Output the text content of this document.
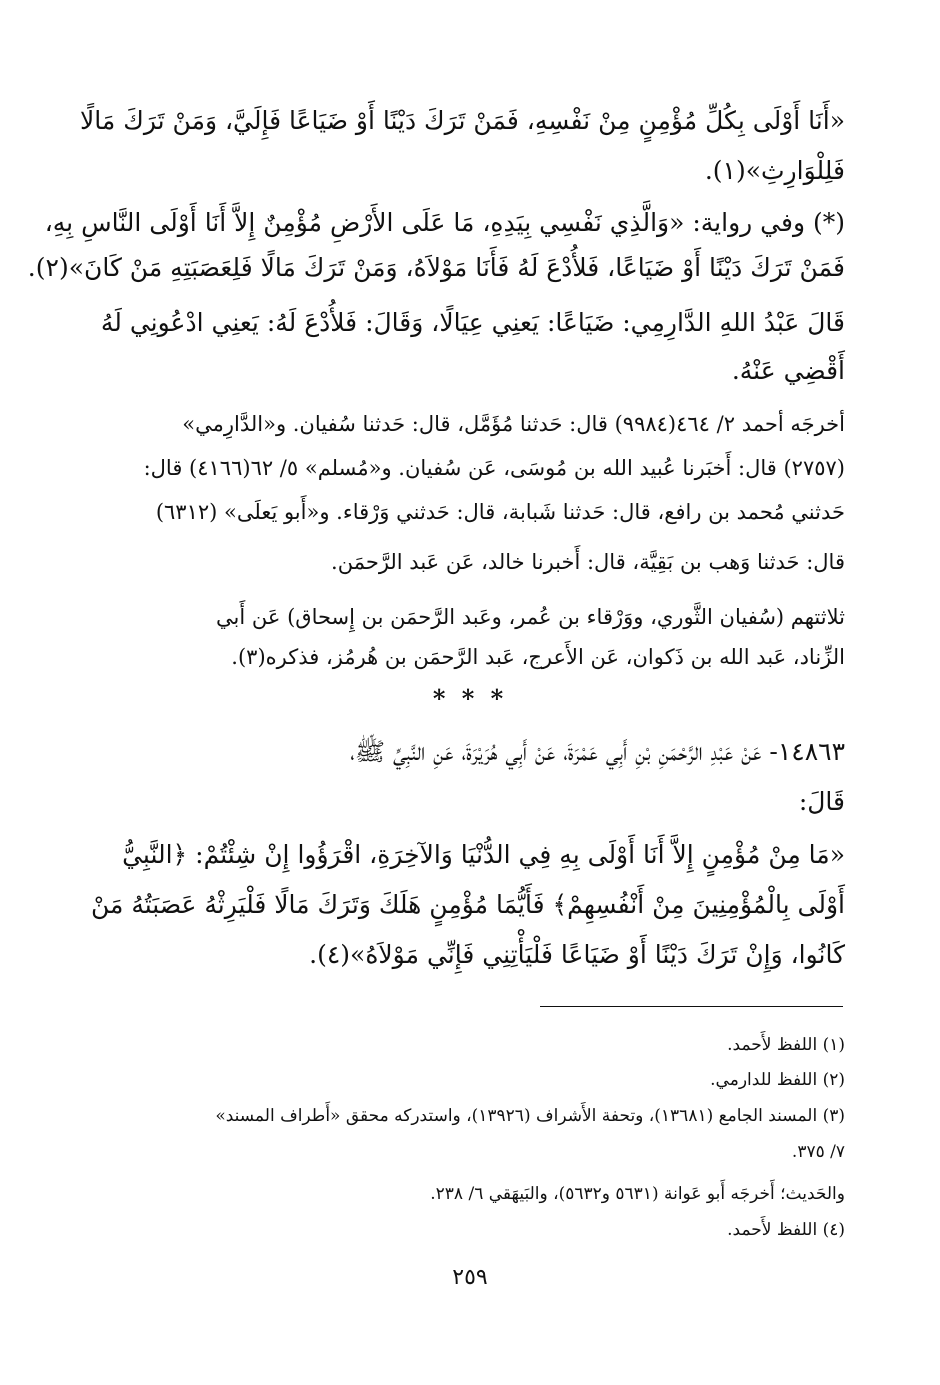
«أَنَا أَوْلَى بِكُلِّ مُؤْمِنٍ مِنْ نَفْسِهِ، فَمَنْ تَرَكَ دَيْنًا أَوْ ضَيَاعًا فَإِلَيَّ، وَمَنْ تَرَكَ مَالًا
فَلِلْوَارِثِ»(١).
(*) وفي رواية: «وَالَّذِي نَفْسِي بِيَدِهِ، مَا عَلَى الأَرْضِ مُؤْمِنٌ إِلاَّ أَنَا أَوْلَى النَّاسِ بِهِ،
فَمَنْ تَرَكَ دَيْنًا أَوْ ضَيَاعًا، فَلأُدْعَ لَهُ فَأَنَا مَوْلاَهُ، وَمَنْ تَرَكَ مَالًا فَلِعَصَبَتِهِ مَنْ كَانَ»(٢).
قَالَ عَبْدُ اللهِ الدَّارِمِي: ضَيَاعًا: يَعنِي عِيَالًا، وَقَالَ: فَلأُدْعَ لَهُ: يَعنِي ادْعُونِي لَهُ
أَقْضِي عَنْهُ.
أخرجَه أحمد ٢/ ٤٦٤(٩٩٨٤) قال: حَدثنا مُؤَمَّل، قال: حَدثنا سُفيان. و«الدَّارِمي»
(٢٧٥٧) قال: أَخبَرنا عُبيد الله بن مُوسَى، عَن سُفيان. و«مُسلم» ٥/ ٦٢(٤١٦٦) قال:
حَدثني مُحمد بن رافع، قال: حَدثنا شَبابة، قال: حَدثني وَرْقاء. و«أَبو يَعلَى» (٦٣١٢)
قال: حَدثنا وَهب بن بَقِيَّة، قال: أَخبرنا خالد، عَن عَبد الرَّحمَن.
ثلاثتهم (سُفيان الثَّوري، ووَرْقاء بن عُمر، وعَبد الرَّحمَن بن إِسحاق) عَن أَبي
الزِّناد، عَبد الله بن ذَكوان، عَن الأَعرج، عَبد الرَّحمَن بن هُرمُز، فذكره(٣).
* * *
١٤٨٦٣- عَنْ عَبْدِ الرَّحْمَنِ بْنِ أَبِي عَمْرَةَ، عَنْ أَبِي هُرَيْرَةَ، عَنِ النَّبِيِّ ﷺ،
قَالَ:
«مَا مِنْ مُؤْمِنٍ إِلاَّ أَنَا أَوْلَى بِهِ فِي الدُّنْيَا وَالآخِرَةِ، اقْرَؤُوا إِنْ شِئْتُمْ: ﴿النَّبِيُّ
أَوْلَى بِالْمُؤْمِنِينَ مِنْ أَنْفُسِهِمْ﴾ فَأَيُّمَا مُؤْمِنٍ هَلَكَ وَتَرَكَ مَالًا فَلْيَرِثْهُ عَصَبَتُهُ مَنْ
كَانُوا، وَإِنْ تَرَكَ دَيْنًا أَوْ ضَيَاعًا فَلْيَأْتِنِي فَإِنِّي مَوْلاَهُ»(٤).
(١) اللفظ لأَحمد.
(٢) اللفظ للدارمي.
(٣) المسند الجامع (١٣٦٨١)، وتحفة الأَشراف (١٣٩٢٦)، واستدركه محقق «أَطراف المسند»
٧/ ٣٧٥.
والحَديث؛ أَخرجَه أَبو عَوانة (٥٦٣١ و٥٦٣٢)، والبَيهَقي ٦/ ٢٣٨.
(٤) اللفظ لأَحمد.
٢٥٩
